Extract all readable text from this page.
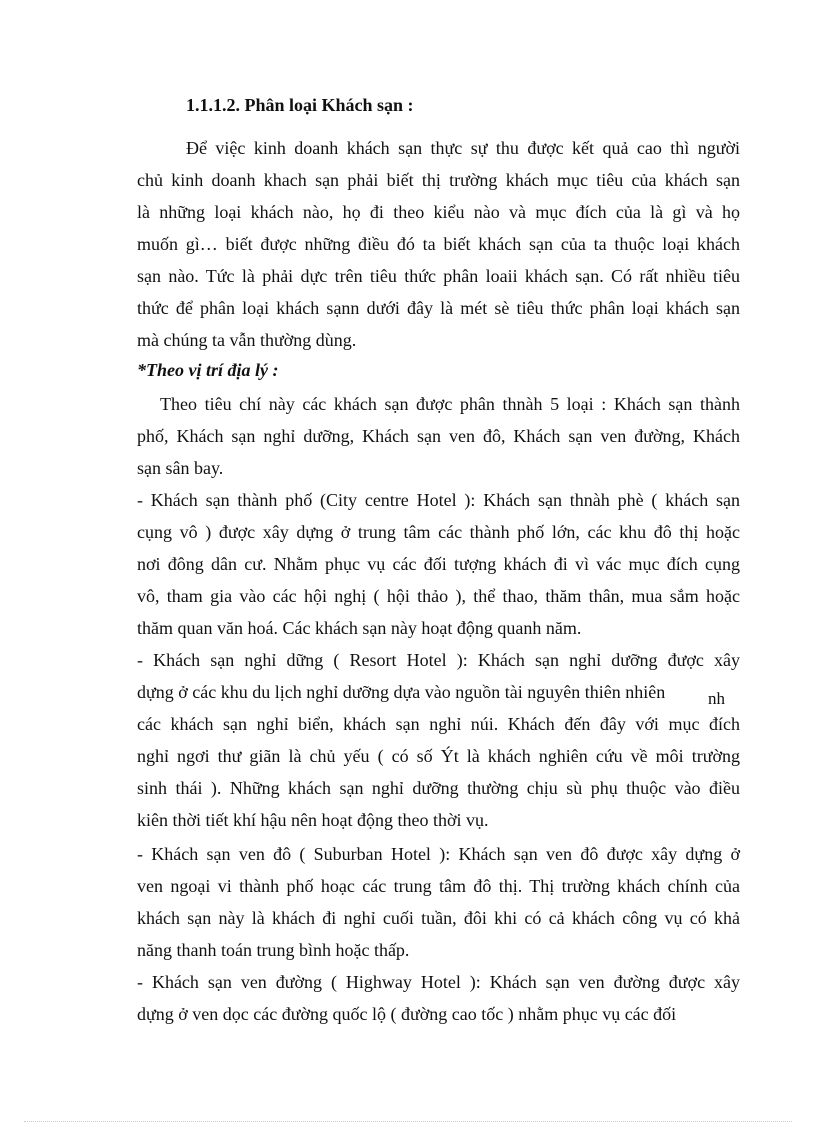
1.1.1.2. Phân loại Khách sạn :

Để việc kinh doanh khách sạn thực sự thu được kết quả cao thì người

chủ kinh doanh khach sạn phải biết thị trường khách mục tiêu của khách sạn

là những loại khách nào, họ đi theo kiểu nào và mục đích của là gì và họ

muốn gì… biết được những điều đó ta biết khách sạn của ta thuộc loại khách

sạn nào. Tức là phải dực trên tiêu thức phân loaii khách sạn. Có rất nhiều tiêu

thức để phân loại khách sạnn dưới đây là mét sè tiêu thức phân loại khách sạn

mà chúng ta vẫn thường dùng.

*Theo vị trí địa lý :

Theo tiêu chí này các khách sạn được phân thnàh 5 loại : Khách sạn thành

phố, Khách sạn nghỉ dưỡng, Khách sạn ven đô, Khách sạn ven đường, Khách

sạn sân bay.

- Khách sạn thành phố (City centre Hotel ): Khách sạn thnàh phè ( khách sạn

cụng vô ) được xây dựng ở trung tâm các thành phố lớn, các khu đô thị hoặc

nơi đông dân cư. Nhằm phục vụ các đối tượng khách đi vì vác mục đích cụng

vô, tham gia vào các hội nghị ( hội thảo ), thể thao, thăm thân, mua sắm hoặc

thăm quan văn hoá. Các khách sạn này hoạt động quanh năm.

- Khách sạn nghỉ dững ( Resort Hotel ): Khách sạn nghỉ dưỡng được xây

dựng ở các khu du lịch nghỉ dưỡng dựa vào nguồn tài nguyên thiên nhiên	nh

các khách sạn nghỉ biển, khách sạn nghỉ núi. Khách đến đây với mục đích

nghỉ ngơi thư giãn là chủ yếu ( có số Ýt là khách nghiên cứu về môi trường

sinh thái ). Những khách sạn nghỉ dưỡng thường chịu sù phụ thuộc vào điều

kiên thời tiết khí hậu nên hoạt động theo thời vụ.

- Khách sạn ven đô ( Suburban Hotel ): Khách sạn ven đô được xây dựng ở

ven ngoại vi thành phố hoạc các trung tâm đô thị. Thị trường khách chính của

khách sạn này là khách đi nghỉ cuối tuần, đôi khi có cả khách công vụ có khả

năng thanh toán trung bình hoặc thấp.

- Khách sạn ven đường ( Highway Hotel ): Khách sạn ven đường được xây

dựng ở ven dọc các đường quốc lộ ( đường cao tốc ) nhằm phục vụ các đối
